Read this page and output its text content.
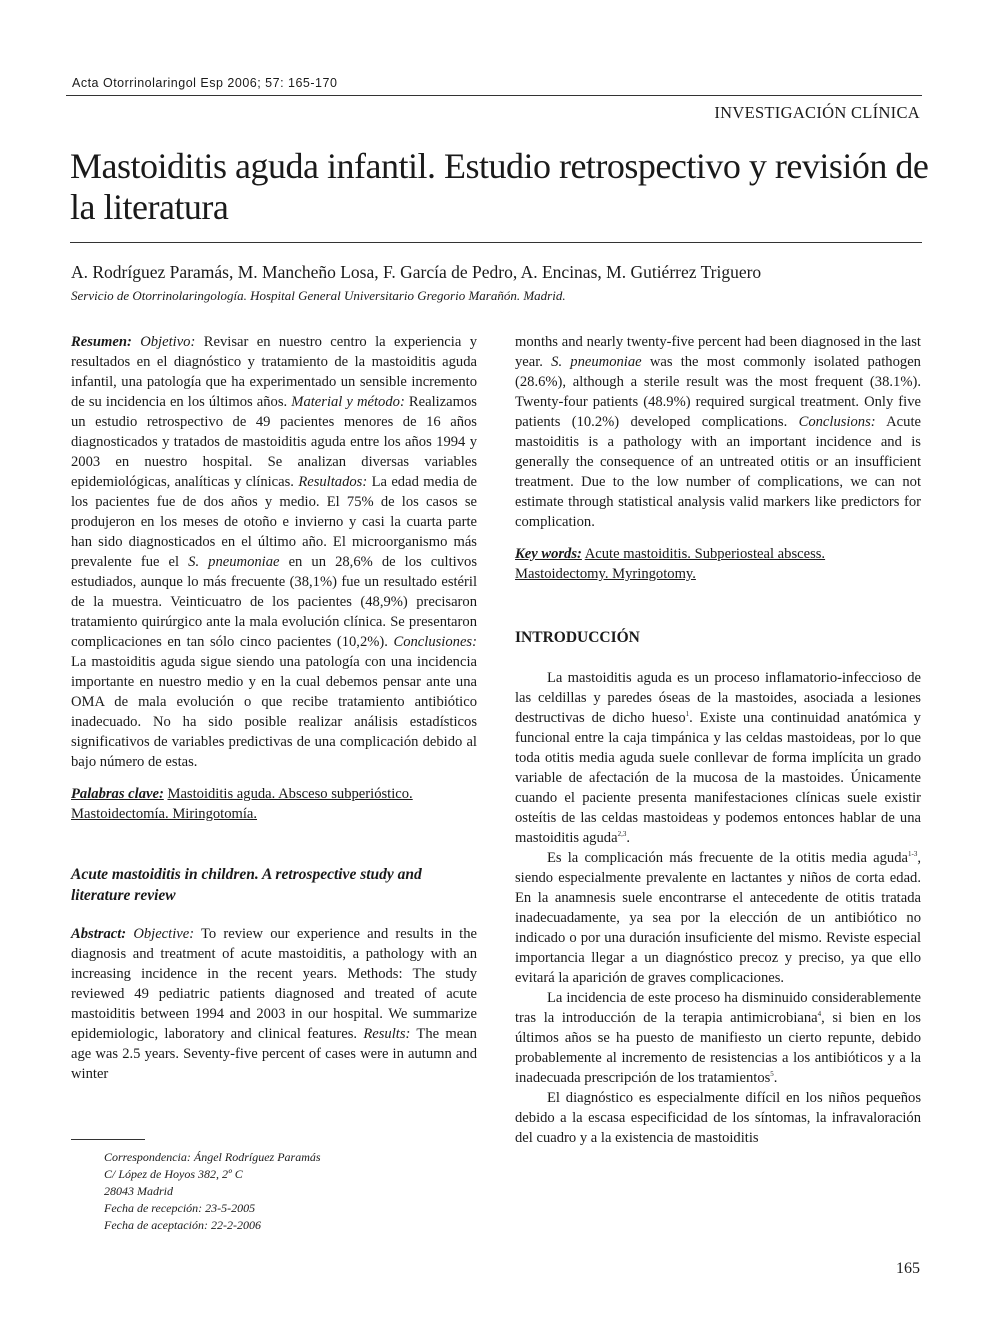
Acta Otorrinolaringol Esp 2006; 57: 165-170
INVESTIGACIÓN CLÍNICA
Mastoiditis aguda infantil. Estudio retrospectivo y revisión de la literatura
A. Rodríguez Paramás, M. Mancheño Losa, F. García de Pedro, A. Encinas, M. Gutiérrez Triguero
Servicio de Otorrinolaringología. Hospital General Universitario Gregorio Marañón. Madrid.

Resumen: Objetivo: Revisar en nuestro centro la experiencia y resultados en el diagnóstico y tratamiento de la mastoiditis aguda infantil, una patología que ha experimentado un sensible incremento de su incidencia en los últimos años. Material y método: Realizamos un estudio retrospectivo de 49 pacientes menores de 16 años diagnosticados y tratados de mastoiditis aguda entre los años 1994 y 2003 en nuestro hospital. Se analizan diversas variables epidemiológicas, analíticas y clínicas. Resultados: La edad media de los pacientes fue de dos años y medio. El 75% de los casos se produjeron en los meses de otoño e invierno y casi la cuarta parte han sido diagnosticados en el último año. El microorganismo más prevalente fue el S. pneumoniae en un 28,6% de los cultivos estudiados, aunque lo más frecuente (38,1%) fue un resultado estéril de la muestra. Veinticuatro de los pacientes (48,9%) precisaron tratamiento quirúrgico ante la mala evolución clínica. Se presentaron complicaciones en tan sólo cinco pacientes (10,2%). Conclusiones: La mastoiditis aguda sigue siendo una patología con una incidencia importante en nuestro medio y en la cual debemos pensar ante una OMA de mala evolución o que recibe tratamiento antibiótico inadecuado. No ha sido posible realizar análisis estadísticos significativos de variables predictivas de una complicación debido al bajo número de estas.

Palabras clave: Mastoiditis aguda. Absceso subperióstico. Mastoidectomía. Miringotomía.

Acute mastoiditis in children. A retrospective study and literature review

Abstract: Objective: To review our experience and results in the diagnosis and treatment of acute mastoiditis, a pathology with an increasing incidence in the recent years. Methods: The study reviewed 49 pediatric patients diagnosed and treated of acute mastoiditis between 1994 and 2003 in our hospital. We summarize epidemiologic, laboratory and clinical features. Results: The mean age was 2.5 years. Seventy-five percent of cases were in autumn and winter

months and nearly twenty-five percent had been diagnosed in the last year. S. pneumoniae was the most commonly isolated pathogen (28.6%), although a sterile result was the most frequent (38.1%). Twenty-four patients (48.9%) required surgical treatment. Only five patients (10.2%) developed complications. Conclusions: Acute mastoiditis is a pathology with an important incidence and is generally the consequence of an untreated otitis or an insufficient treatment. Due to the low number of complications, we can not estimate through statistical analysis valid markers like predictors for complication.

Key words: Acute mastoiditis. Subperiosteal abscess. Mastoidectomy. Myringotomy.

INTRODUCCIÓN

La mastoiditis aguda es un proceso inflamatorio-infeccioso de las celdillas y paredes óseas de la mastoides, asociada a lesiones destructivas de dicho hueso$^1$. Existe una continuidad anatómica y funcional entre la caja timpánica y las celdas mastoideas, por lo que toda otitis media aguda suele conllevar de forma implícita un grado variable de afectación de la mucosa de la mastoides. Únicamente cuando el paciente presenta manifestaciones clínicas suele existir osteítis de las celdas mastoideas y podemos entonces hablar de una mastoiditis aguda$^{2,3}$.

Es la complicación más frecuente de la otitis media aguda$^{1-3}$, siendo especialmente prevalente en lactantes y niños de corta edad. En la anamnesis suele encontrarse el antecedente de otitis tratada inadecuadamente, ya sea por la elección de un antibiótico no indicado o por una duración insuficiente del mismo. Reviste especial importancia llegar a un diagnóstico precoz y preciso, ya que ello evitará la aparición de graves complicaciones.

La incidencia de este proceso ha disminuido considerablemente tras la introducción de la terapia antimicrobiana$^4$, si bien en los últimos años se ha puesto de manifiesto un cierto repunte, debido probablemente al incremento de resistencias a los antibióticos y a la inadecuada prescripción de los tratamientos$^5$.

El diagnóstico es especialmente difícil en los niños pequeños debido a la escasa especificidad de los síntomas, la infravaloración del cuadro y a la existencia de mastoiditis

Correspondencia: Ángel Rodríguez Paramás
C/ López de Hoyos 382, 2º C
28043 Madrid
Fecha de recepción: 23-5-2005
Fecha de aceptación: 22-2-2006
165
